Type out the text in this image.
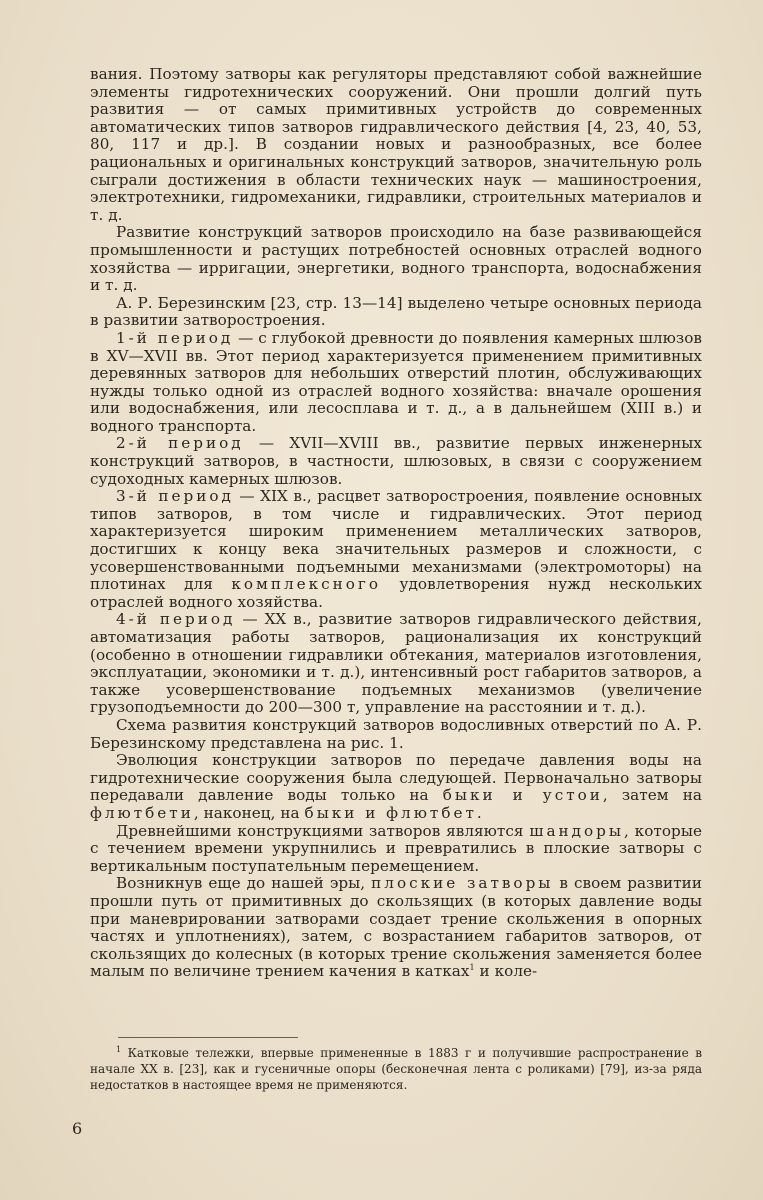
вания. Поэтому затворы как регуляторы представляют собой важнейшие элементы гидротехнических сооружений. Они прошли долгий путь развития — от самых примитивных устройств до современных автоматических типов затворов гидравлического действия [4, 23, 40, 53, 80, 117 и др.]. В создании новых и разнообразных, все более рациональных и оригинальных конструкций затворов, значительную роль сыграли достижения в области технических наук — машиностроения, электротехники, гидромеханики, гидравлики, строительных материалов и т. д.

Развитие конструкций затворов происходило на базе развивающейся промышленности и растущих потребностей основных отраслей водного хозяйства — ирригации, энергетики, водного транспорта, водоснабжения и т. д.

А. Р. Березинским [23, стр. 13—14] выделено четыре основных периода в развитии затворостроения.

1-й период — с глубокой древности до появления камерных шлюзов в XV—XVII вв. Этот период характеризуется применением примитивных деревянных затворов для небольших отверстий плотин, обслуживающих нужды только одной из отраслей водного хозяйства: вначале орошения или водоснабжения, или лесосплава и т. д., а в дальнейшем (XIII в.) и водного транспорта.

2-й период — XVII—XVIII вв., развитие первых инженерных конструкций затворов, в частности, шлюзовых, в связи с сооружением судоходных камерных шлюзов.

3-й период — XIX в., расцвет затворостроения, появление основных типов затворов, в том числе и гидравлических. Этот период характеризуется широким применением металлических затворов, достигших к концу века значительных размеров и сложности, с усовершенствованными подъемными механизмами (электромоторы) на плотинах для комплексного удовлетворения нужд нескольких отраслей водного хозяйства.

4-й период — XX в., развитие затворов гидравлического действия, автоматизация работы затворов, рационализация их конструкций (особенно в отношении гидравлики обтекания, материалов изготовления, эксплуатации, экономики и т. д.), интенсивный рост габаритов затворов, а также усовершенствование подъемных механизмов (увеличение грузоподъемности до 200—300 т, управление на расстоянии и т. д.).

Схема развития конструкций затворов водосливных отверстий по А. Р. Березинскому представлена на рис. 1.

Эволюция конструкции затворов по передаче давления воды на гидротехнические сооружения была следующей. Первоначально затворы передавали давление воды только на быки и устои, затем на флютбети, наконец, на быки и флютбет.

Древнейшими конструкциями затворов являются шандоры, которые с течением времени укрупнились и превратились в плоские затворы с вертикальным поступательным перемещением.

Возникнув еще до нашей эры, плоские затворы в своем развитии прошли путь от примитивных до скользящих (в которых давление воды при маневрировании затворами создает трение скольжения в опорных частях и уплотнениях), затем, с возрастанием габаритов затворов, от скользящих до колесных (в которых трение скольжения заменяется более малым по величине трением качения в катках$^1$ и коле-

$^1$ Катковые тележки, впервые примененные в 1883 г и получившие распространение в начале XX в. [23], как и гусеничные опоры (бесконечная лента с роликами) [79], из-за ряда недостатков в настоящее время не применяются.

6
